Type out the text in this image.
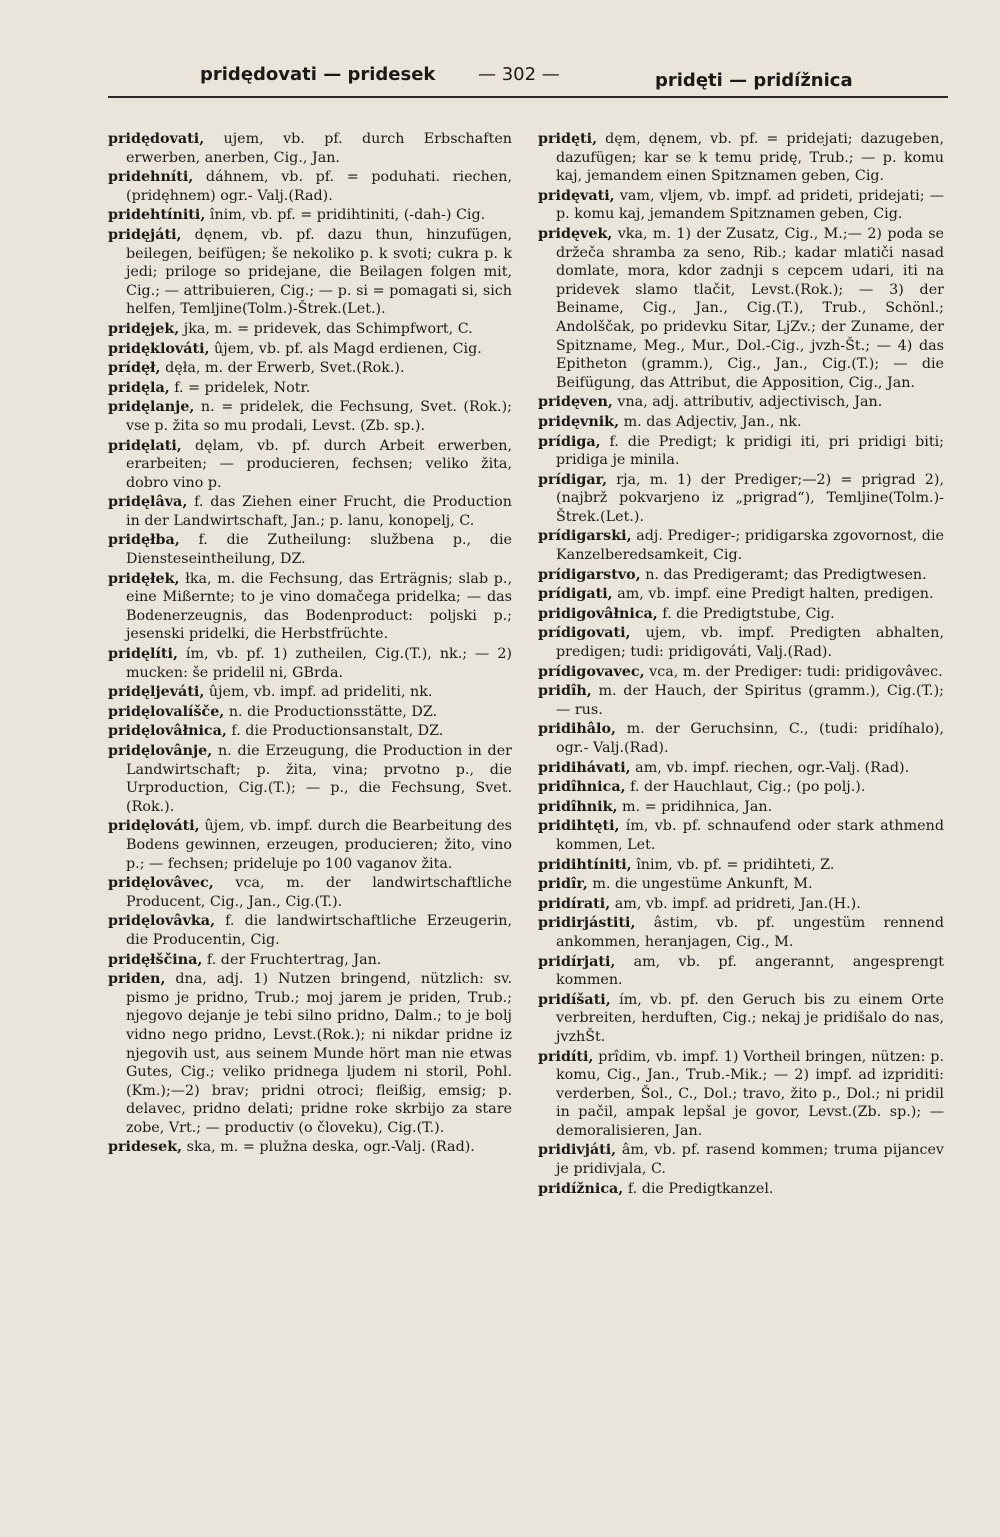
pridędovati — pridesek — 302 —	pridęti — pridížnica

pridędovati, ujem, vb. pf. durch Erbschaften erwerben, anerben, Cig., Jan.

pridehníti, dáhnem, vb. pf. = poduhati. riechen, (pridęhnem) ogr.- Valj.(Rad).

pridehtíniti, înim, vb. pf. = pridihtiniti, (-dah-) Cig.

pridęjáti, dęnem, vb. pf. dazu thun, hinzufügen, beilegen, beifügen; še nekoliko p. k svoti; cukra p. k jedi; priloge so pridejane, die Beilagen folgen mit, Cig.; — attribuieren, Cig.; — p. si = pomagati si, sich helfen, Temljine(Tolm.)-Štrek.(Let.).

pridęjek, jka, m. = pridevek, das Schimpfwort, C.

pridęklováti, ûjem, vb. pf. als Magd erdienen, Cig.

prídęł, dęła, m. der Erwerb, Svet.(Rok.).

pridęla, f. = pridelek, Notr.

pridęlanje, n. = pridelek, die Fechsung, Svet. (Rok.); vse p. žita so mu prodali, Levst. (Zb. sp.).

pridęlati, dęlam, vb. pf. durch Arbeit erwerben, erarbeiten; — producieren, fechsen; veliko žita, dobro vino p.

pridęlâva, f. das Ziehen einer Frucht, die Production in der Landwirtschaft, Jan.; p. lanu, konopelj, C.

pridęłba, f. die Zutheilung: službena p., die Diensteseintheilung, DZ.

pridęłek, łka, m. die Fechsung, das Erträgnis; slab p., eine Mißernte; to je vino domačega pridelka; — das Bodenerzeugnis, das Bodenproduct: poljski p.; jesenski pridelki, die Herbstfrüchte.

pridęlíti, ím, vb. pf. 1) zutheilen, Cig.(T.), nk.; — 2) mucken: še pridelil ni, GBrda.

pridęljeváti, ûjem, vb. impf. ad prideliti, nk.

pridęlovalíšče, n. die Productionsstätte, DZ.

pridęlovâłnica, f. die Productionsanstalt, DZ.

pridęlovânje, n. die Erzeugung, die Production in der Landwirtschaft; p. žita, vina; prvotno p., die Urproduction, Cig.(T.); — p., die Fechsung, Svet.(Rok.).

pridęlováti, ûjem, vb. impf. durch die Bearbeitung des Bodens gewinnen, erzeugen, producieren; žito, vino p.; — fechsen; prideluje po 100 vaganov žita.

pridęlovâvec, vca, m. der landwirtschaftliche Producent, Cig., Jan., Cig.(T.).

pridęlovâvka, f. die landwirtschaftliche Erzeugerin, die Producentin, Cig.

pridęłščina, f. der Fruchtertrag, Jan.

priden, dna, adj. 1) Nutzen bringend, nützlich: sv. pismo je pridno, Trub.; moj jarem je priden, Trub.; njegovo dejanje je tebi silno pridno, Dalm.; to je bolj vidno nego pridno, Levst.(Rok.); ni nikdar pridne iz njegovih ust, aus seinem Munde hört man nie etwas Gutes, Cig.; veliko pridnega ljudem ni storil, Pohl.(Km.);—2) brav; pridni otroci; fleißig, emsig; p. delavec, pridno delati; pridne roke skrbijo za stare zobe, Vrt.; — productiv (o človeku), Cig.(T.).

pridesek, ska, m. = plužna deska, ogr.-Valj. (Rad).

pridęti, dęm, dęnem, vb. pf. = pridejati; dazugeben, dazufügen; kar se k temu pridę, Trub.; — p. komu kaj, jemandem einen Spitznamen geben, Cig.

pridęvati, vam, vljem, vb. impf. ad prideti, pridejati; — p. komu kaj, jemandem Spitznamen geben, Cig.

pridęvek, vka, m. 1) der Zusatz, Cig., M.;— 2) poda se držeča shramba za seno, Rib.; kadar mlatiči nasad domlate, mora, kdor zadnji s cepcem udari, iti na pridevek slamo tlačit, Levst.(Rok.); — 3) der Beiname, Cig., Jan., Cig.(T.), Trub., Schönl.; Andolščak, po pridevku Sitar, LjZv.; der Zuname, der Spitzname, Meg., Mur., Dol.-Cig., jvzh-Št.; — 4) das Epitheton (gramm.), Cig., Jan., Cig.(T.); — die Beifügung, das Attribut, die Apposition, Cig., Jan.

pridęven, vna, adj. attributiv, adjectivisch, Jan.

pridęvnik, m. das Adjectiv, Jan., nk.

prídiga, f. die Predigt; k pridigi iti, pri pridigi biti; pridiga je minila.

prídigar, rja, m. 1) der Prediger;—2) = prigrad 2), (najbrž pokvarjeno iz „prigrad“), Temljine(Tolm.)-Štrek.(Let.).

prídigarski, adj. Prediger-; pridigarska zgovornost, die Kanzelberedsamkeit, Cig.

prídigarstvo, n. das Predigeramt; das Predigtwesen.

prídigati, am, vb. impf. eine Predigt halten, predigen.

pridigovâłnica, f. die Predigtstube, Cig.

prídigovati, ujem, vb. impf. Predigten abhalten, predigen; tudi: pridigováti, Valj.(Rad).

prídigovavec, vca, m. der Prediger: tudi: pridigovâvec.

pridîh, m. der Hauch, der Spiritus (gramm.), Cig.(T.); — rus.

pridihâlo, m. der Geruchsinn, C., (tudi: pridíhalo), ogr.- Valj.(Rad).

pridihávati, am, vb. impf. riechen, ogr.-Valj. (Rad).

pridîhnica, f. der Hauchlaut, Cig.; (po polj.).

pridîhnik, m. = pridihnica, Jan.

pridihtęti, ím, vb. pf. schnaufend oder stark athmend kommen, Let.

pridihtíniti, înim, vb. pf. = pridihteti, Z.

pridîr, m. die ungestüme Ankunft, M.

pridírati, am, vb. impf. ad pridreti, Jan.(H.).

pridirjástiti, âstim, vb. pf. ungestüm rennend ankommen, heranjagen, Cig., M.

pridírjati, am, vb. pf. angerannt, angesprengt kommen.

pridíšati, ím, vb. pf. den Geruch bis zu einem Orte verbreiten, herduften, Cig.; nekaj je pridišalo do nas, jvzhŠt.

pridíti, prîdim, vb. impf. 1) Vortheil bringen, nützen: p. komu, Cig., Jan., Trub.-Mik.; — 2) impf. ad izpriditi: verderben, Šol., C., Dol.; travo, žito p., Dol.; ni pridil in pačil, ampak lepšal je govor, Levst.(Zb. sp.); — demoralisieren, Jan.

pridivjáti, âm, vb. pf. rasend kommen; truma pijancev je pridivjala, C.

pridížnica, f. die Predigtkanzel.
